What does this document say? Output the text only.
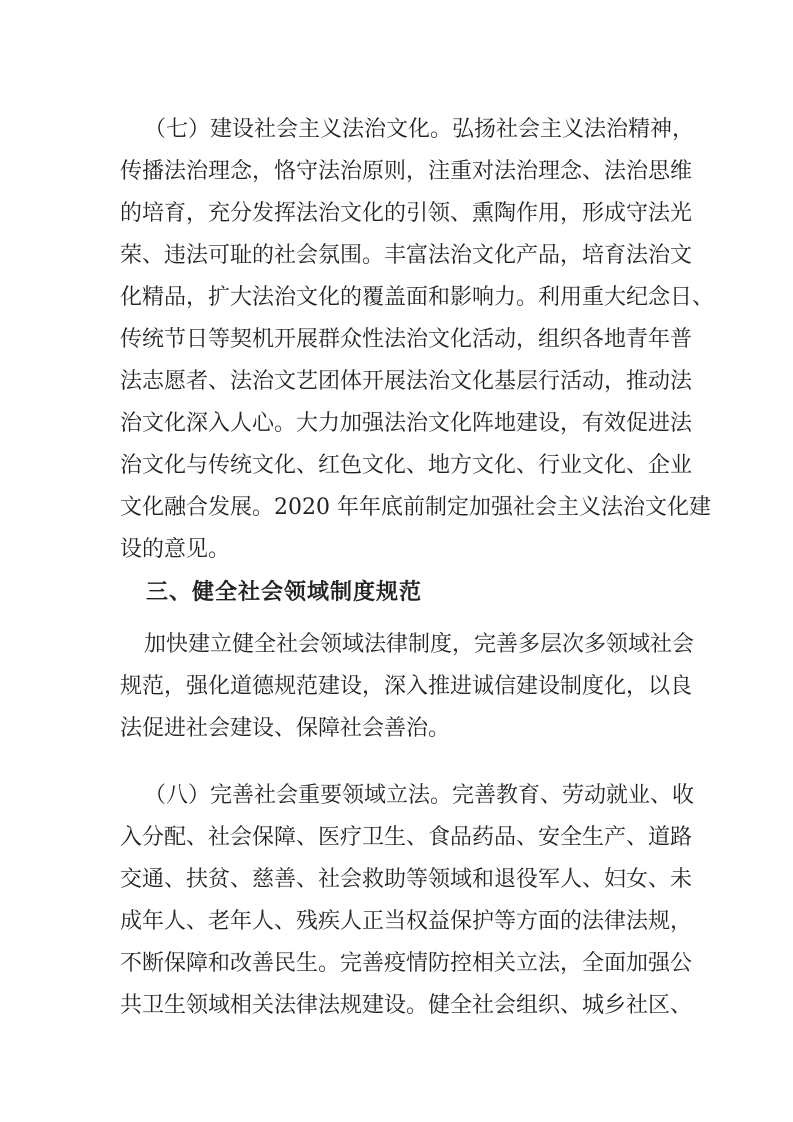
（七）建设社会主义法治文化。弘扬社会主义法治精神，
传播法治理念，恪守法治原则，注重对法治理念、法治思维
的培育，充分发挥法治文化的引领、熏陶作用，形成守法光
荣、违法可耻的社会氛围。丰富法治文化产品，培育法治文
化精品，扩大法治文化的覆盖面和影响力。利用重大纪念日、
传统节日等契机开展群众性法治文化活动，组织各地青年普
法志愿者、法治文艺团体开展法治文化基层行活动，推动法
治文化深入人心。大力加强法治文化阵地建设，有效促进法
治文化与传统文化、红色文化、地方文化、行业文化、企业
文化融合发展。2020 年年底前制定加强社会主义法治文化建
设的意见。
三、健全社会领域制度规范
加快建立健全社会领域法律制度，完善多层次多领域社会
规范，强化道德规范建设，深入推进诚信建设制度化，以良
法促进社会建设、保障社会善治。
（八）完善社会重要领域立法。完善教育、劳动就业、收
入分配、社会保障、医疗卫生、食品药品、安全生产、道路
交通、扶贫、慈善、社会救助等领域和退役军人、妇女、未
成年人、老年人、残疾人正当权益保护等方面的法律法规，
不断保障和改善民生。完善疫情防控相关立法，全面加强公
共卫生领域相关法律法规建设。健全社会组织、城乡社区、
